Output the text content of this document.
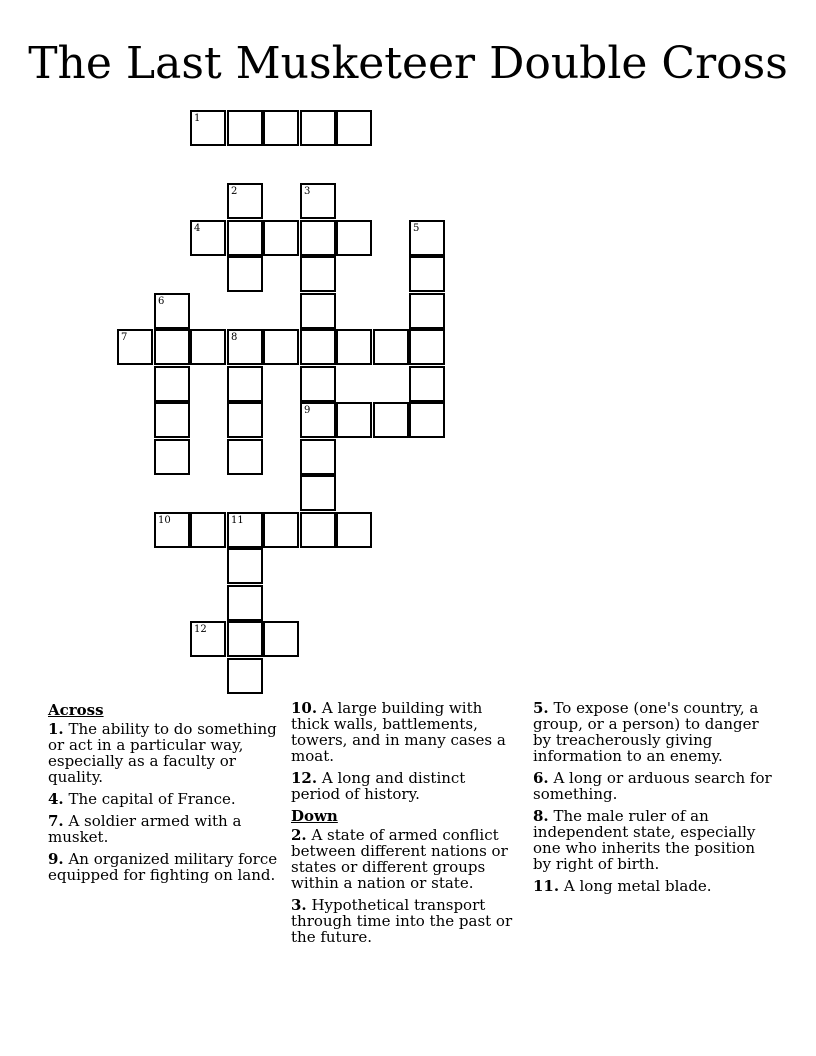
The Last Musketeer Double Cross
1
2	3
4	5
6
7	8
9
10	11
12
Across
1. The ability to do something or act in a particular way, especially as a faculty or quality.
4. The capital of France.
7. A soldier armed with a musket.
9. An organized military force equipped for fighting on land.
10. A large building with thick walls, battlements, towers, and in many cases a moat.
12. A long and distinct period of history.
Down
2. A state of armed conflict between different nations or states or different groups within a nation or state.
3. Hypothetical transport through time into the past or the future.
5. To expose (one's country, a group, or a person) to danger by treacherously giving information to an enemy.
6. A long or arduous search for something.
8. The male ruler of an independent state, especially one who inherits the position by right of birth.
11. A long metal blade.
